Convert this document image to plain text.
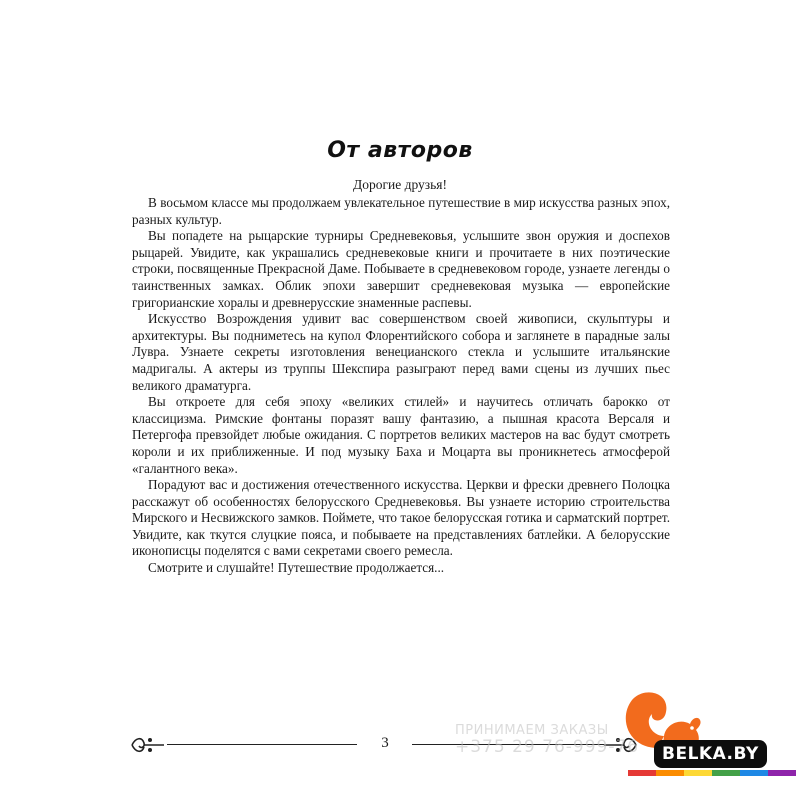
От авторов
Дорогие друзья!

В восьмом классе мы продолжаем увлекательное путешествие в мир искусства разных эпох, разных культур.

Вы попадете на рыцарские турниры Средневековья, услышите звон оружия и доспехов рыцарей. Увидите, как украшались средневековые книги и прочитаете в них поэтические строки, посвященные Прекрасной Даме. Побываете в средневековом городе, узнаете легенды о таинственных замках. Облик эпохи завершит средневековая музыка — европейские григорианские хоралы и древнерусские знаменные распевы.

Искусство Возрождения удивит вас совершенством своей живописи, скульптуры и архитектуры. Вы подниметесь на купол Флорентийского собора и заглянете в парадные залы Лувра. Узнаете секреты изготовления венецианского стекла и услышите итальянские мадригалы. А актеры из труппы Шекспира разыграют перед вами сцены из лучших пьес великого драматурга.

Вы откроете для себя эпоху «великих стилей» и научитесь отличать барокко от классицизма. Римские фонтаны поразят вашу фантазию, а пышная красота Версаля и Петергофа превзойдет любые ожидания. С портретов великих мастеров на вас будут смотреть короли и их приближенные. И под музыку Баха и Моцарта вы проникнетесь атмосферой «галантного века».

Порадуют вас и достижения отечественного искусства. Церкви и фрески древнего Полоцка расскажут об особенностях белорусского Средневековья. Вы узнаете историю строительства Мирского и Несвижского замков. Поймете, что такое белорусская готика и сарматский портрет. Увидите, как ткутся слуцкие пояса, и побываете на представлениях батлейки. А белорусские иконописцы поделятся с вами секретами своего ремесла.

Смотрите и слушайте! Путешествие продолжается...

3
ПРИНИМАЕМ ЗАКАЗЫ
+375 29 76-999-76	BELKA.BY
